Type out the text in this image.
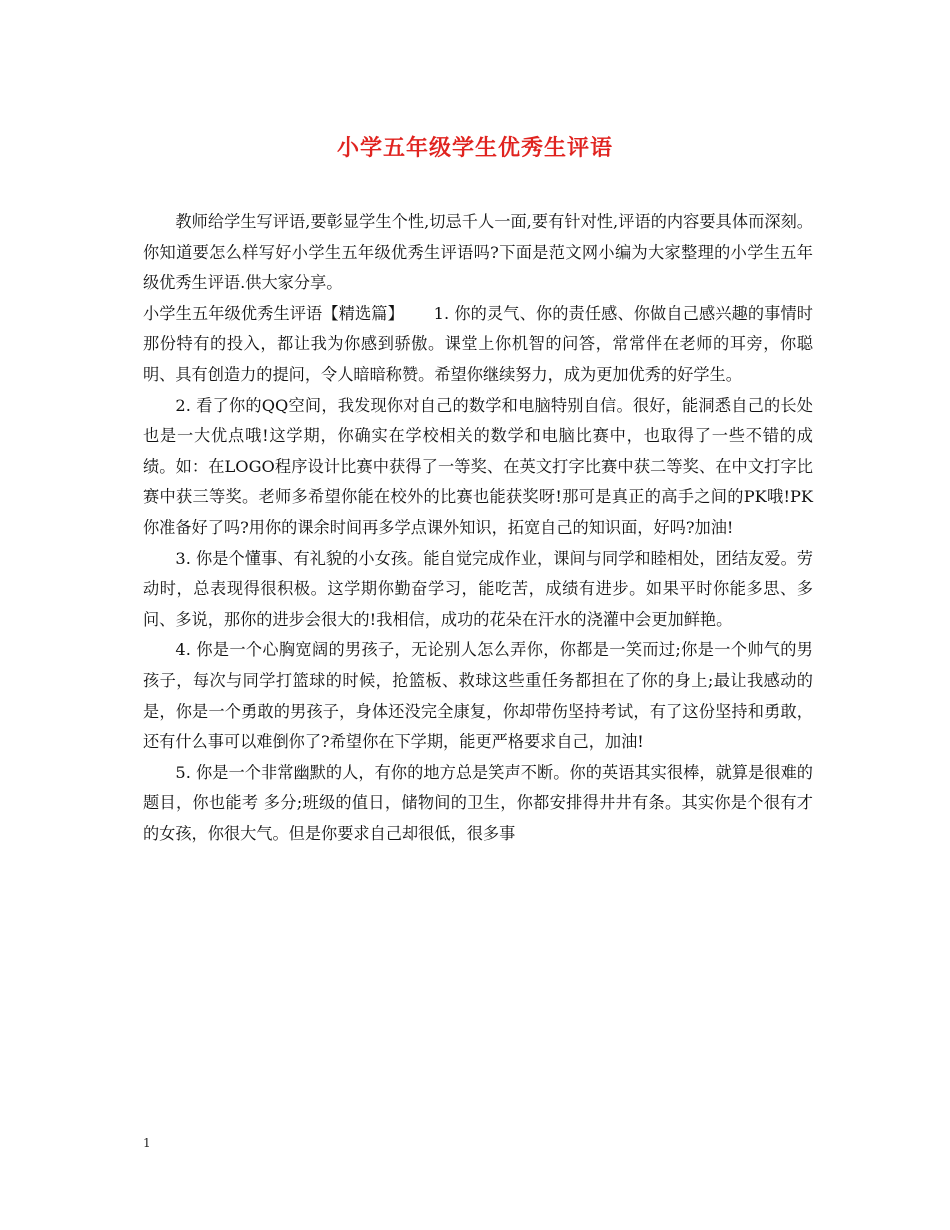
小学五年级学生优秀生评语

教师给学生写评语,要彰显学生个性,切忌千人一面,要有针对性,评语的内容要具体而深刻。你知道要怎么样写好小学生五年级优秀生评语吗?下面是范文网小编为大家整理的小学生五年级优秀生评语.供大家分享。

小学生五年级优秀生评语【精选篇】　　 1. 你的灵气、你的责任感、你做自己感兴趣的事情时那份特有的投入，都让我为你感到骄傲。课堂上你机智的问答，常常伴在老师的耳旁，你聪明、具有创造力的提问，令人暗暗称赞。希望你继续努力，成为更加优秀的好学生。

2. 看了你的QQ空间，我发现你对自己的数学和电脑特别自信。很好，能洞悉自己的长处也是一大优点哦!这学期，你确实在学校相关的数学和电脑比赛中，也取得了一些不错的成绩。如：在LOGO程序设计比赛中获得了一等奖、在英文打字比赛中获二等奖、在中文打字比赛中获三等奖。老师多希望你能在校外的比赛也能获奖呀!那可是真正的高手之间的PK哦!PK你准备好了吗?用你的课余时间再多学点课外知识，拓宽自己的知识面，好吗?加油!

3. 你是个懂事、有礼貌的小女孩。能自觉完成作业，课间与同学和睦相处，团结友爱。劳动时，总表现得很积极。这学期你勤奋学习，能吃苦，成绩有进步。如果平时你能多思、多问、多说，那你的进步会很大的!我相信，成功的花朵在汗水的浇灌中会更加鲜艳。

4. 你是一个心胸宽阔的男孩子，无论别人怎么弄你，你都是一笑而过;你是一个帅气的男孩子，每次与同学打篮球的时候，抢篮板、救球这些重任务都担在了你的身上;最让我感动的是，你是一个勇敢的男孩子，身体还没完全康复，你却带伤坚持考试，有了这份坚持和勇敢，还有什么事可以难倒你了?希望你在下学期，能更严格要求自己，加油!

5. 你是一个非常幽默的人，有你的地方总是笑声不断。你的英语其实很棒，就算是很难的题目，你也能考 多分;班级的值日，储物间的卫生，你都安排得井井有条。其实你是个很有才的女孩，你很大气。但是你要求自己却很低，很多事

1
